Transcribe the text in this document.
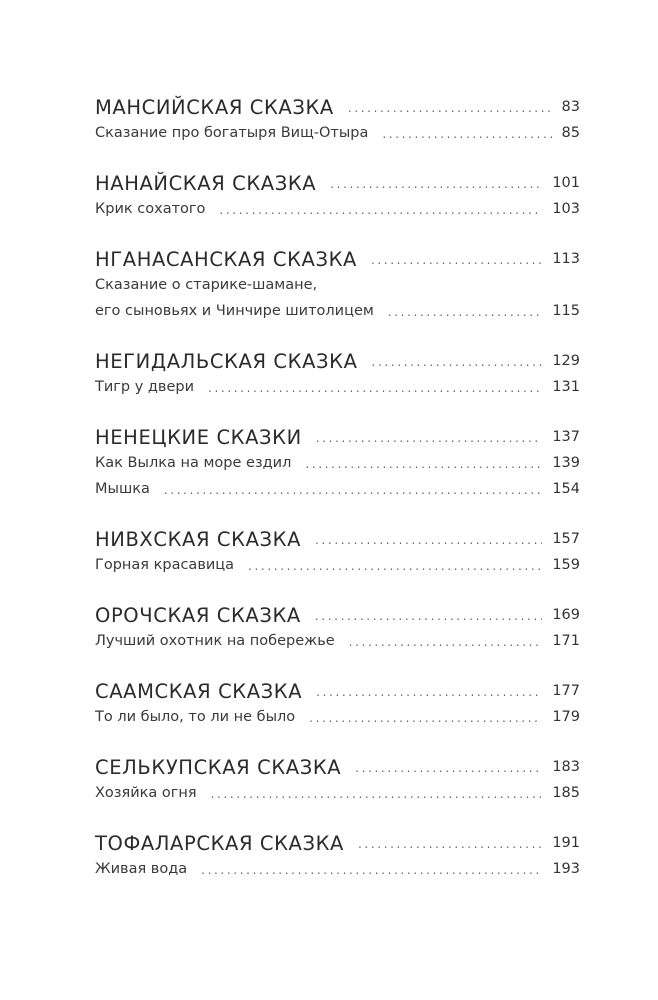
МАНСИЙСКАЯ СКАЗКА . . .	83
Сказание про богатыря Вищ-Отыра . . .	85
НАНАЙСКАЯ СКАЗКА . . .	101
Крик сохатого . . .	103
НГАНАСАНСКАЯ СКАЗКА . . .	113
Сказание о старике-шамане,
его сыновьях и Чинчире шитолицем . . .	115
НЕГИДАЛЬСКАЯ СКАЗКА . . .	129
Тигр у двери . . .	131
НЕНЕЦКИЕ СКАЗКИ . . .	137
Как Вылка на море ездил . . .	139
Мышка . . .	154
НИВХСКАЯ СКАЗКА . . .	157
Горная красавица . . .	159
ОРОЧСКАЯ СКАЗКА . . .	169
Лучший охотник на побережье . . .	171
СААМСКАЯ СКАЗКА . . .	177
То ли было, то ли не было . . .	179
СЕЛЬКУПСКАЯ СКАЗКА . . .	183
Хозяйка огня . . .	185
ТОФАЛАРСКАЯ СКАЗКА . . .	191
Живая вода . . .	193
